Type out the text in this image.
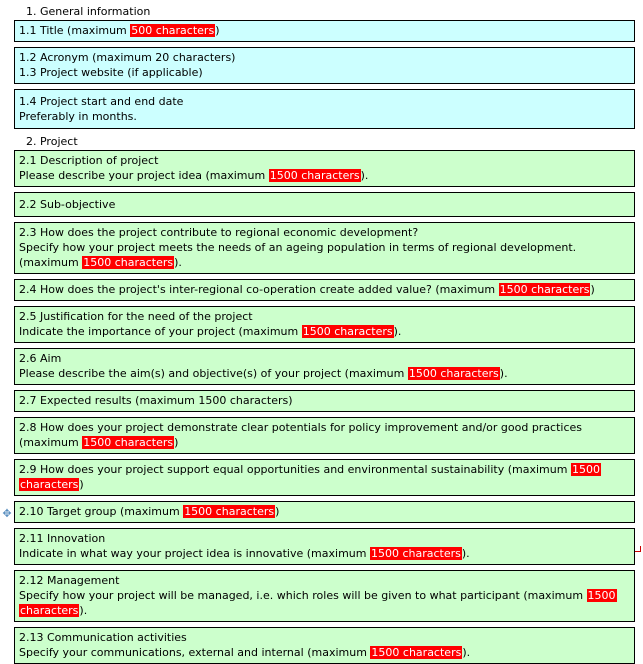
1. General information

1.1 Title (maximum 500 characters)

1.2 Acronym (maximum 20 characters)

1.3 Project website (if applicable)

1.4 Project start and end date

Preferably in months.

2. Project

2.1 Description of project

Please describe your project idea (maximum 1500 characters).

2.2 Sub-objective

2.3 How does the project contribute to regional economic development?

Specify how your project meets the needs of an ageing population in terms of regional development.

(maximum 1500 characters).

2.4 How does the project's inter-regional co-operation create added value? (maximum 1500 characters)

2.5 Justification for the need of the project

Indicate the importance of your project (maximum 1500 characters).

2.6 Aim

Please describe the aim(s) and objective(s) of your project (maximum 1500 characters).

2.7 Expected results (maximum 1500 characters)

2.8 How does your project demonstrate clear potentials for policy improvement and/or good practices

(maximum 1500 characters)

2.9 How does your project support equal opportunities and environmental sustainability (maximum 1500

characters)

2.10 Target group (maximum 1500 characters)

2.11 Innovation

Indicate in what way your project idea is innovative (maximum 1500 characters).

2.12 Management

Specify how your project will be managed, i.e. which roles will be given to what participant (maximum 1500

characters).

2.13 Communication activities

Specify your communications, external and internal (maximum 1500 characters).

✥
